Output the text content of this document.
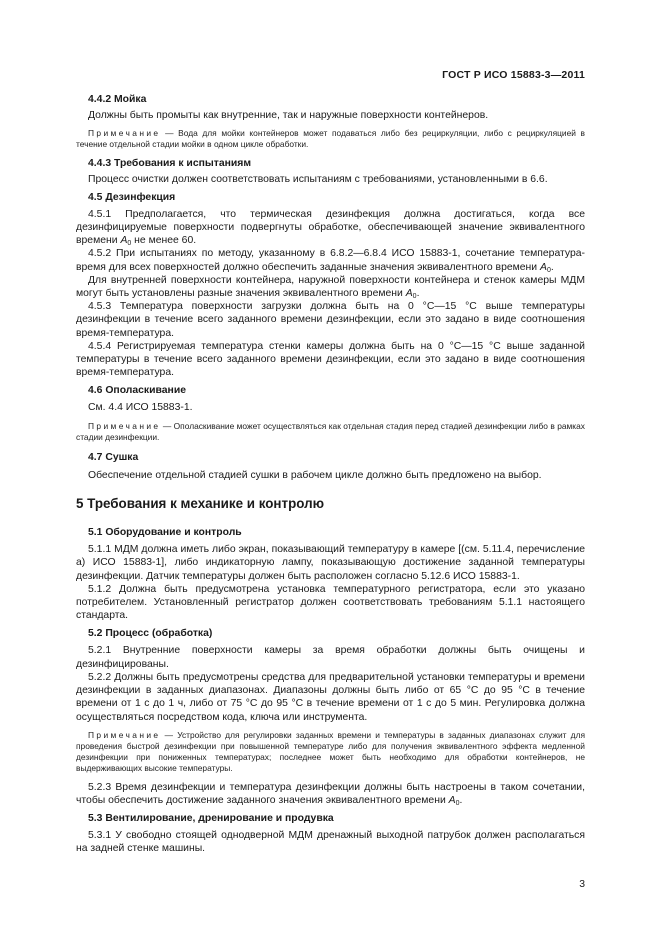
ГОСТ Р ИСО 15883-3—2011
4.4.2 Мойка

Должны быть промыты как внутренние, так и наружные поверхности контейнеров.

Примечание — Вода для мойки контейнеров может подаваться либо без рециркуляции, либо с рециркуляцией в течение отдельной стадии мойки в одном цикле обработки.

4.4.3 Требования к испытаниям

Процесс очистки должен соответствовать испытаниям с требованиями, установленными в 6.6.

4.5 Дезинфекция

4.5.1 Предполагается, что термическая дезинфекция должна достигаться, когда все дезинфицируемые поверхности подвергнуты обработке, обеспечивающей значение эквивалентного времени $A_0$ не менее 60.

4.5.2 При испытаниях по методу, указанному в 6.8.2—6.8.4 ИСО 15883-1, сочетание температура-время для всех поверхностей должно обеспечить заданные значения эквивалентного времени $A_0$.

Для внутренней поверхности контейнера, наружной поверхности контейнера и стенок камеры МДМ могут быть установлены разные значения эквивалентного времени $A_0$.

4.5.3 Температура поверхности загрузки должна быть на 0 °С—15 °С выше температуры дезинфекции в течение всего заданного времени дезинфекции, если это задано в виде соотношения время-температура.

4.5.4 Регистрируемая температура стенки камеры должна быть на 0 °С—15 °С выше заданной температуры в течение всего заданного времени дезинфекции, если это задано в виде соотношения время-температура.

4.6 Ополаскивание

См. 4.4 ИСО 15883-1.

Примечание — Ополаскивание может осуществляться как отдельная стадия перед стадией дезинфекции либо в рамках стадии дезинфекции.

4.7 Сушка

Обеспечение отдельной стадией сушки в рабочем цикле должно быть предложено на выбор.

5 Требования к механике и контролю
5.1 Оборудование и контроль

5.1.1 МДМ должна иметь либо экран, показывающий температуру в камере [(см. 5.11.4, перечисление а) ИСО 15883-1], либо индикаторную лампу, показывающую достижение заданной температуры дезинфекции. Датчик температуры должен быть расположен согласно 5.12.6 ИСО 15883-1.

5.1.2 Должна быть предусмотрена установка температурного регистратора, если это указано потребителем. Установленный регистратор должен соответствовать требованиям 5.1.1 настоящего стандарта.

5.2 Процесс (обработка)

5.2.1 Внутренние поверхности камеры за время обработки должны быть очищены и дезинфицированы.

5.2.2 Должны быть предусмотрены средства для предварительной установки температуры и времени дезинфекции в заданных диапазонах. Диапазоны должны быть либо от 65 °С до 95 °С в течение времени от 1 с до 1 ч, либо от 75 °С до 95 °С в течение времени от 1 с до 5 мин. Регулировка должна осуществляться посредством кода, ключа или инструмента.

Примечание — Устройство для регулировки заданных времени и температуры в заданных диапазонах служит для проведения быстрой дезинфекции при повышенной температуре либо для получения эквивалентного эффекта медленной дезинфекции при пониженных температурах; последнее может быть необходимо для обработки контейнеров, не выдерживающих высокие температуры.

5.2.3 Время дезинфекции и температура дезинфекции должны быть настроены в таком сочетании, чтобы обеспечить достижение заданного значения эквивалентного времени $A_0$.

5.3 Вентилирование, дренирование и продувка

5.3.1 У свободно стоящей однодверной МДМ дренажный выходной патрубок должен располагаться на задней стенке машины.

3
